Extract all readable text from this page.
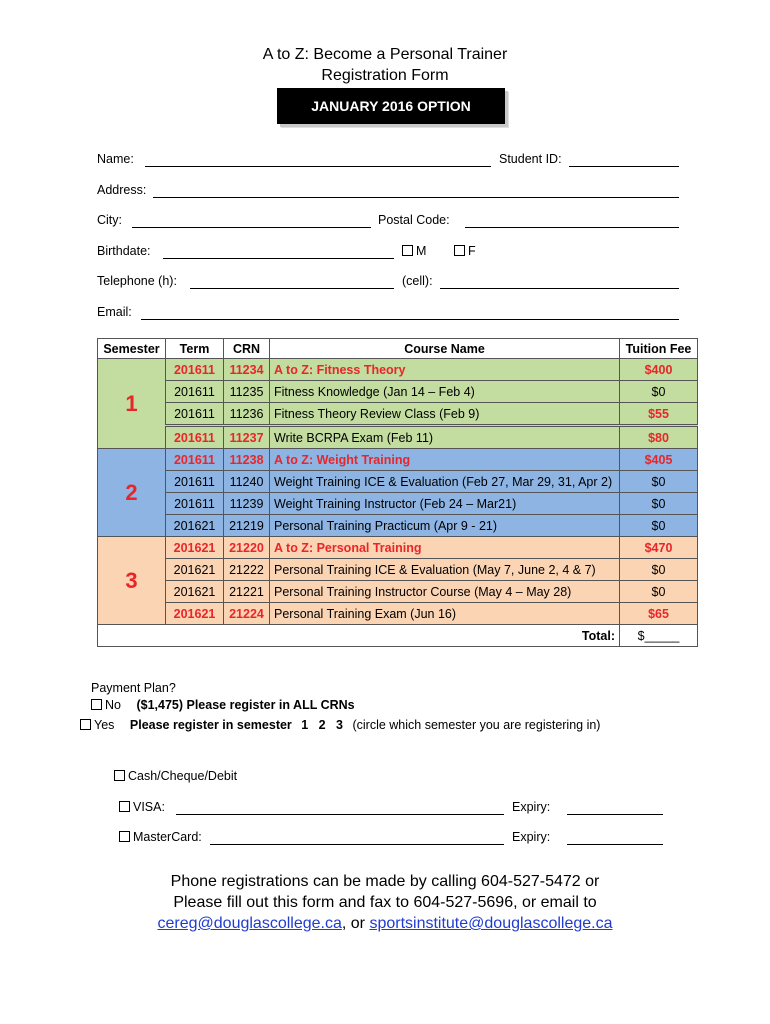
A to Z: Become a Personal Trainer
Registration Form
JANUARY 2016 OPTION
Name:	Student ID:
Address:
City:	Postal Code:
Birthdate:	M	F
Telephone (h):	(cell):
Email:
Semester	Term	CRN	Course Name	Tuition Fee
1	201611	11234	A to Z: Fitness Theory	$400
	201611	11235	Fitness Knowledge (Jan 14 – Feb 4)	$0
	201611	11236	Fitness Theory Review Class (Feb 9)	$55
	201611	11237	Write BCRPA Exam (Feb 11)	$80
2	201611	11238	A to Z: Weight Training	$405
	201611	11240	Weight Training ICE & Evaluation (Feb 27, Mar 29, 31, Apr 2)	$0
	201611	11239	Weight Training Instructor (Feb 24 – Mar21)	$0
	201621	21219	Personal Training Practicum (Apr 9 - 21)	$0
3	201621	21220	A to Z: Personal Training	$470
	201621	21222	Personal Training ICE & Evaluation (May 7, June 2, 4 & 7)	$0
	201621	21221	Personal Training Instructor Course (May 4 – May 28)	$0
	201621	21224	Personal Training Exam (Jun 16)	$65
Total:				$_____
Payment Plan?
No ($1,475) Please register in ALL CRNs
Yes Please register in semester 1   2   3 (circle which semester you are registering in)
Cash/Cheque/Debit
VISA:	Expiry:
MasterCard:	Expiry:
Phone registrations can be made by calling 604-527-5472 or
Please fill out this form and fax to 604-527-5696, or email to
cereg@douglascollege.ca, or sportsinstitute@douglascollege.ca
